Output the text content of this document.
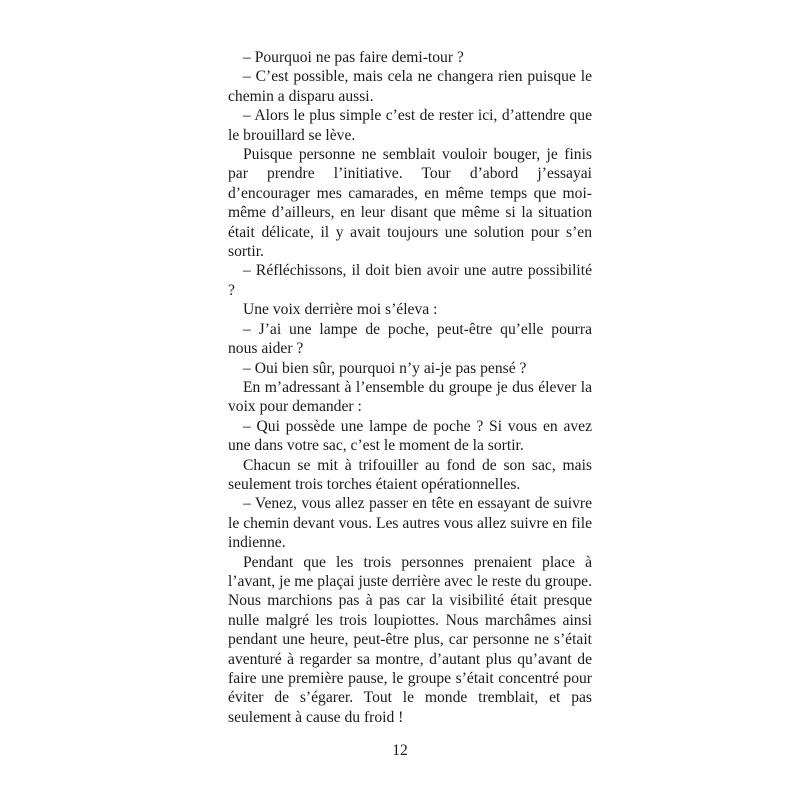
– Pourquoi ne pas faire demi-tour ?

– C’est possible, mais cela ne changera rien puisque le chemin a disparu aussi.

– Alors le plus simple c’est de rester ici, d’attendre que le brouillard se lève.

Puisque personne ne semblait vouloir bouger, je finis par prendre l’initiative. Tour d’abord j’essayai d’encourager mes camarades, en même temps que moi-même d’ailleurs, en leur disant que même si la situation était délicate, il y avait toujours une solution pour s’en sortir.

– Réfléchissons, il doit bien avoir une autre possibilité ?

Une voix derrière moi s’éleva :

– J’ai une lampe de poche, peut-être qu’elle pourra nous aider ?

– Oui bien sûr, pourquoi n’y ai-je pas pensé ?

En m’adressant à l’ensemble du groupe je dus élever la voix pour demander :

– Qui possède une lampe de poche ? Si vous en avez une dans votre sac, c’est le moment de la sortir.

Chacun se mit à trifouiller au fond de son sac, mais seulement trois torches étaient opérationnelles.

– Venez, vous allez passer en tête en essayant de suivre le chemin devant vous. Les autres vous allez suivre en file indienne.

Pendant que les trois personnes prenaient place à l’avant, je me plaçai juste derrière avec le reste du groupe. Nous marchions pas à pas car la visibilité était presque nulle malgré les trois loupiottes. Nous marchâmes ainsi pendant une heure, peut-être plus, car personne ne s’était aventuré à regarder sa montre, d’autant plus qu’avant de faire une première pause, le groupe s’était concentré pour éviter de s’égarer. Tout le monde tremblait, et pas seulement à cause du froid !

12
